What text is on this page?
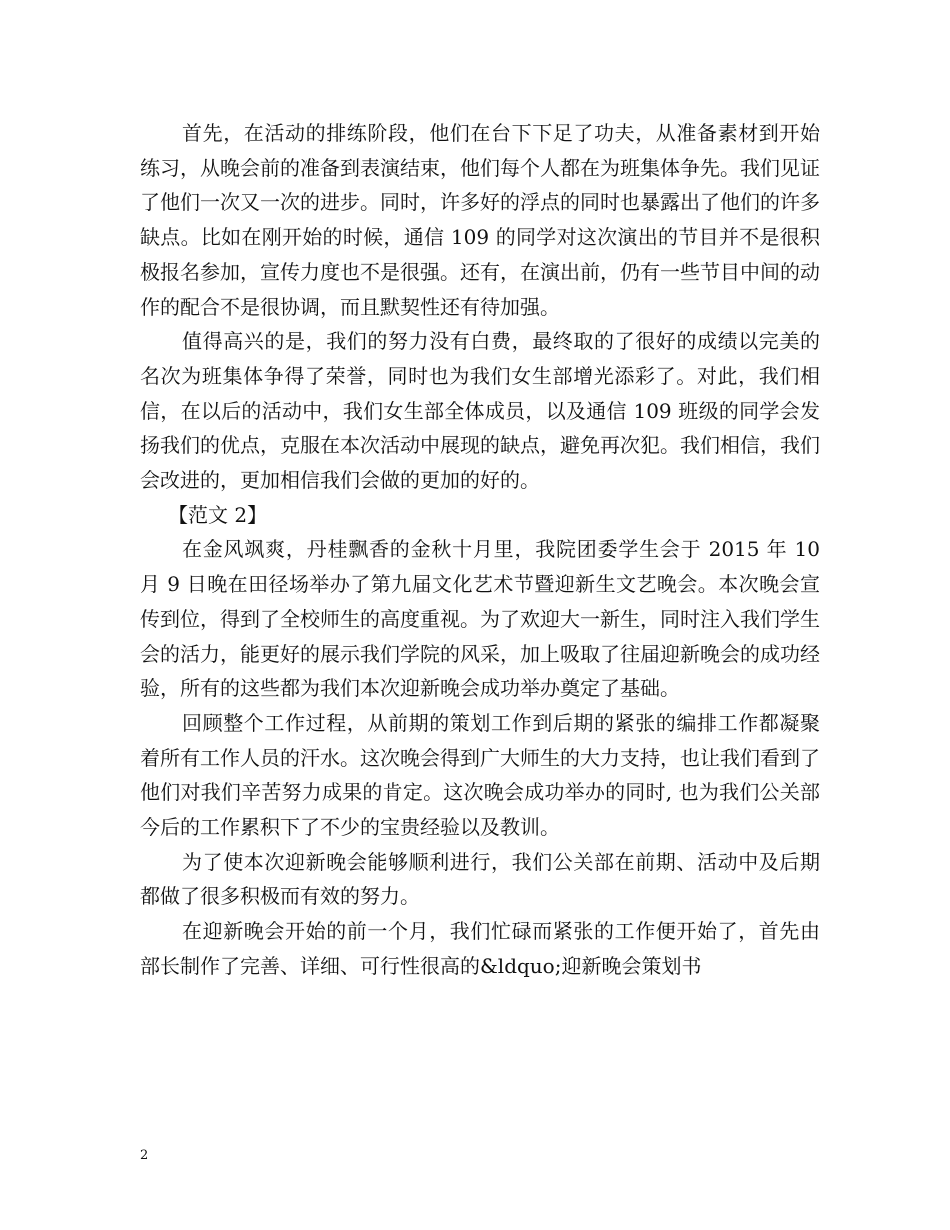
首先，在活动的排练阶段，他们在台下下足了功夫，从准备素材到开始练习，从晚会前的准备到表演结束，他们每个人都在为班集体争先。我们见证了他们一次又一次的进步。同时，许多好的浮点的同时也暴露出了他们的许多缺点。比如在刚开始的时候，通信 109 的同学对这次演出的节目并不是很积极报名参加，宣传力度也不是很强。还有，在演出前，仍有一些节目中间的动作的配合不是很协调，而且默契性还有待加强。

值得高兴的是，我们的努力没有白费，最终取的了很好的成绩以完美的名次为班集体争得了荣誉，同时也为我们女生部增光添彩了。对此，我们相信，在以后的活动中，我们女生部全体成员，以及通信 109 班级的同学会发扬我们的优点，克服在本次活动中展现的缺点，避免再次犯。我们相信，我们会改进的，更加相信我们会做的更加的好的。

【范文 2】

在金风飒爽，丹桂飘香的金秋十月里，我院团委学生会于 2015 年 10 月 9 日晚在田径场举办了第九届文化艺术节暨迎新生文艺晚会。本次晚会宣传到位，得到了全校师生的高度重视。为了欢迎大一新生，同时注入我们学生会的活力，能更好的展示我们学院的风采，加上吸取了往届迎新晚会的成功经验，所有的这些都为我们本次迎新晚会成功举办奠定了基础。

回顾整个工作过程，从前期的策划工作到后期的紧张的编排工作都凝聚着所有工作人员的汗水。这次晚会得到广大师生的大力支持，也让我们看到了他们对我们辛苦努力成果的肯定。这次晚会成功举办的同时, 也为我们公关部今后的工作累积下了不少的宝贵经验以及教训。

为了使本次迎新晚会能够顺利进行，我们公关部在前期、活动中及后期都做了很多积极而有效的努力。

在迎新晚会开始的前一个月，我们忙碌而紧张的工作便开始了，首先由部长制作了完善、详细、可行性很高的&ldquo;迎新晚会策划书

2
